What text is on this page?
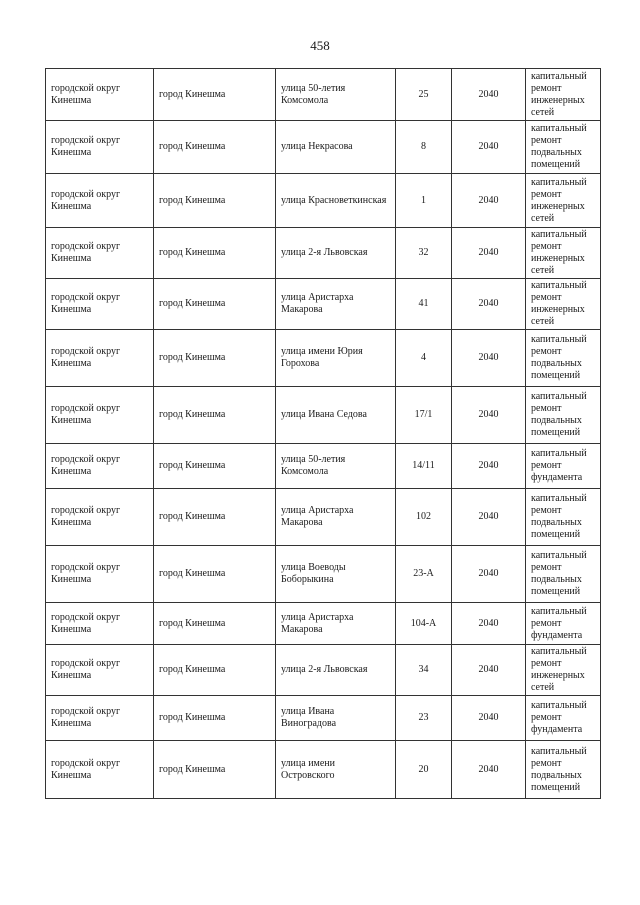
458
городской округ Кинешма	город Кинешма	улица 50-летия Комсомола	25	2040	капитальный ремонт инженерных сетей
городской округ Кинешма	город Кинешма	улица Некрасова	8	2040	капитальный ремонт подвальных помещений
городской округ Кинешма	город Кинешма	улица Красноветкинская	1	2040	капитальный ремонт инженерных сетей
городской округ Кинешма	город Кинешма	улица 2-я Львовская	32	2040	капитальный ремонт инженерных сетей
городской округ Кинешма	город Кинешма	улица Аристарха Макарова	41	2040	капитальный ремонт инженерных сетей
городской округ Кинешма	город Кинешма	улица имени Юрия Горохова	4	2040	капитальный ремонт подвальных помещений
городской округ Кинешма	город Кинешма	улица Ивана Седова	17/1	2040	капитальный ремонт подвальных помещений
городской округ Кинешма	город Кинешма	улица 50-летия Комсомола	14/11	2040	капитальный ремонт фундамента
городской округ Кинешма	город Кинешма	улица Аристарха Макарова	102	2040	капитальный ремонт подвальных помещений
городской округ Кинешма	город Кинешма	улица Воеводы Боборыкина	23-А	2040	капитальный ремонт подвальных помещений
городской округ Кинешма	город Кинешма	улица Аристарха Макарова	104-А	2040	капитальный ремонт фундамента
городской округ Кинешма	город Кинешма	улица 2-я Львовская	34	2040	капитальный ремонт инженерных сетей
городской округ Кинешма	город Кинешма	улица Ивана Виноградова	23	2040	капитальный ремонт фундамента
городской округ Кинешма	город Кинешма	улица имени Островского	20	2040	капитальный ремонт подвальных помещений
